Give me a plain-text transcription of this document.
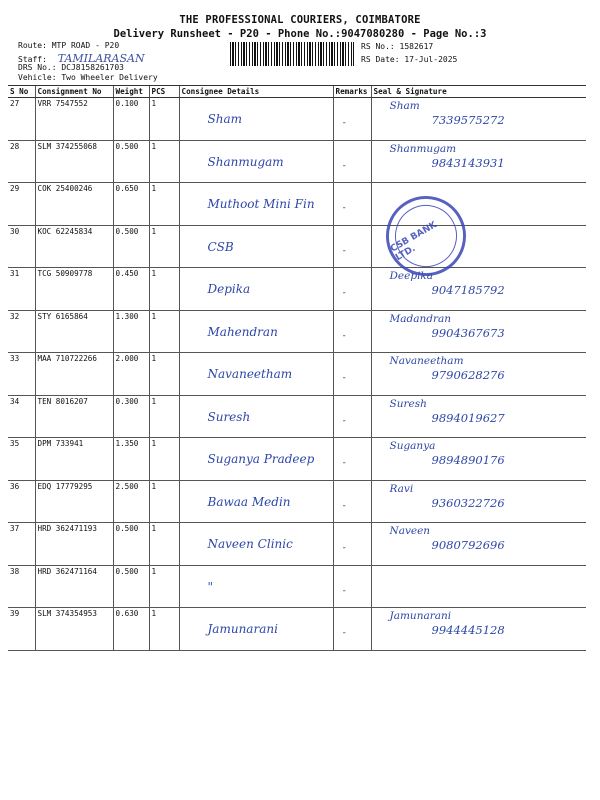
THE PROFESSIONAL COURIERS, COIMBATORE
Delivery Runsheet - P20 - Phone No.:9047080280 - Page No.:3
Route: MTP ROAD - P20
Staff: TAMILARASAN
DRS No.: DCJ8158261703
Vehicle: Two Wheeler Delivery
RS No.: 1582617
RS Date: 17-Jul-2025
S No	Consignment No	Weight	PCS	Consignee Details	Remarks	Seal & Signature
27	VRR 7547552	0.100	1	Sham	-	Sham
7339575272

28	SLM 374255068	0.500	1	Shanmugam	-	Shanmugam
9843143931

29	COK 25400246	0.650	1	Muthoot Mini Fin	-	

30	KOC 62245834	0.500	1	CSB	-	

31	TCG 50909778	0.450	1	Depika	-	Deepika
9047185792

32	STY 6165864	1.300	1	Mahendran	-	Madandran
9904367673

33	MAA 710722266	2.000	1	Navaneetham	-	Navaneetham
9790628276

34	TEN 8016207	0.300	1	Suresh	-	Suresh
9894019627

35	DPM 733941	1.350	1	Suganya Pradeep	-	Suganya
9894890176

36	EDQ 17779295	2.500	1	Bawaa Medin	-	Ravi
9360322726

37	HRD 362471193	0.500	1	Naveen Clinic	-	Naveen
9080792696

38	HRD 362471164	0.500	1	"	-	

39	SLM 374354953	0.630	1	Jamunarani	-	Jamunarani
9944445128
CSB BANK LTD.
